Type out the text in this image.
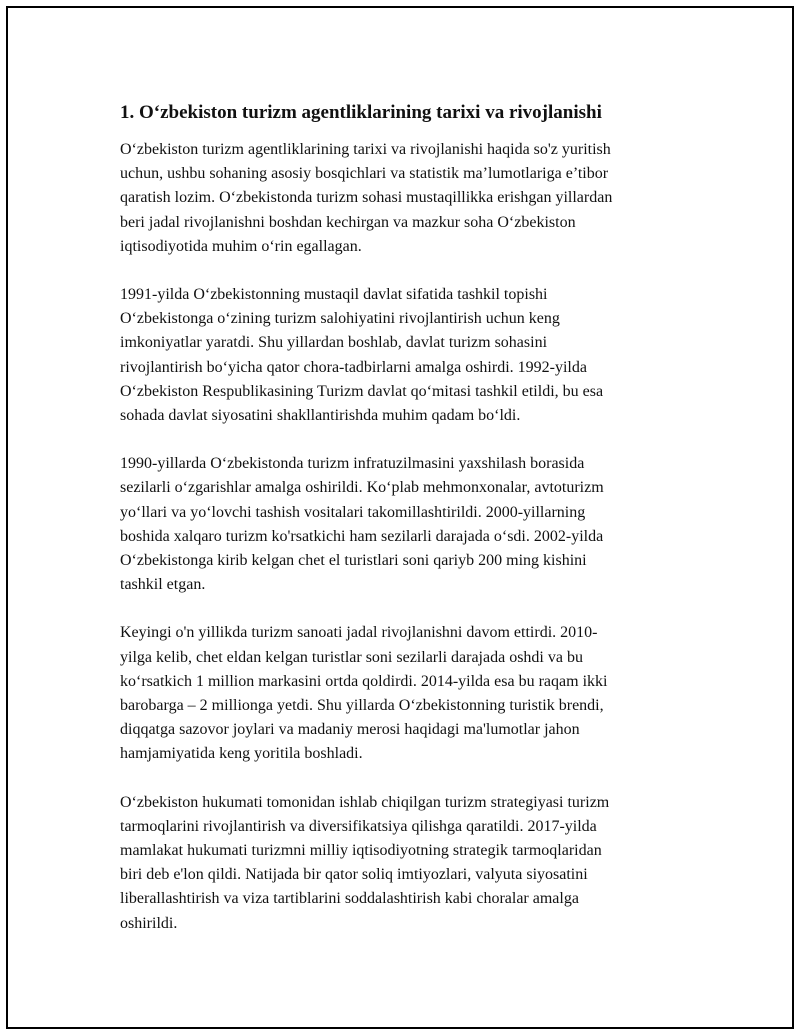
1. O‘zbekiston turizm agentliklarining tarixi va rivojlanishi

O‘zbekiston turizm agentliklarining tarixi va rivojlanishi haqida so'z yuritish
uchun, ushbu sohaning asosiy bosqichlari va statistik ma’lumotlariga e’tibor
qaratish lozim. O‘zbekistonda turizm sohasi mustaqillikka erishgan yillardan
beri jadal rivojlanishni boshdan kechirgan va mazkur soha O‘zbekiston
iqtisodiyotida muhim o‘rin egallagan.

1991-yilda O‘zbekistonning mustaqil davlat sifatida tashkil topishi
O‘zbekistonga o‘zining turizm salohiyatini rivojlantirish uchun keng
imkoniyatlar yaratdi. Shu yillardan boshlab, davlat turizm sohasini
rivojlantirish bo‘yicha qator chora-tadbirlarni amalga oshirdi. 1992-yilda
O‘zbekiston Respublikasining Turizm davlat qo‘mitasi tashkil etildi, bu esa
sohada davlat siyosatini shakllantirishda muhim qadam bo‘ldi.

1990-yillarda O‘zbekistonda turizm infratuzilmasini yaxshilash borasida
sezilarli o‘zgarishlar amalga oshirildi. Ko‘plab mehmonxonalar, avtoturizm
yo‘llari va yo‘lovchi tashish vositalari takomillashtirildi. 2000-yillarning
boshida xalqaro turizm ko'rsatkichi ham sezilarli darajada o‘sdi. 2002-yilda
O‘zbekistonga kirib kelgan chet el turistlari soni qariyb 200 ming kishini
tashkil etgan.

Keyingi o'n yillikda turizm sanoati jadal rivojlanishni davom ettirdi. 2010-
yilga kelib, chet eldan kelgan turistlar soni sezilarli darajada oshdi va bu
ko‘rsatkich 1 million markasini ortda qoldirdi. 2014-yilda esa bu raqam ikki
barobarga – 2 millionga yetdi. Shu yillarda O‘zbekistonning turistik brendi,
diqqatga sazovor joylari va madaniy merosi haqidagi ma'lumotlar jahon
hamjamiyatida keng yoritila boshladi.

O‘zbekiston hukumati tomonidan ishlab chiqilgan turizm strategiyasi turizm
tarmoqlarini rivojlantirish va diversifikatsiya qilishga qaratildi. 2017-yilda
mamlakat hukumati turizmni milliy iqtisodiyotning strategik tarmoqlaridan
biri deb e'lon qildi. Natijada bir qator soliq imtiyozlari, valyuta siyosatini
liberallashtirish va viza tartiblarini soddalashtirish kabi choralar amalga
oshirildi.
